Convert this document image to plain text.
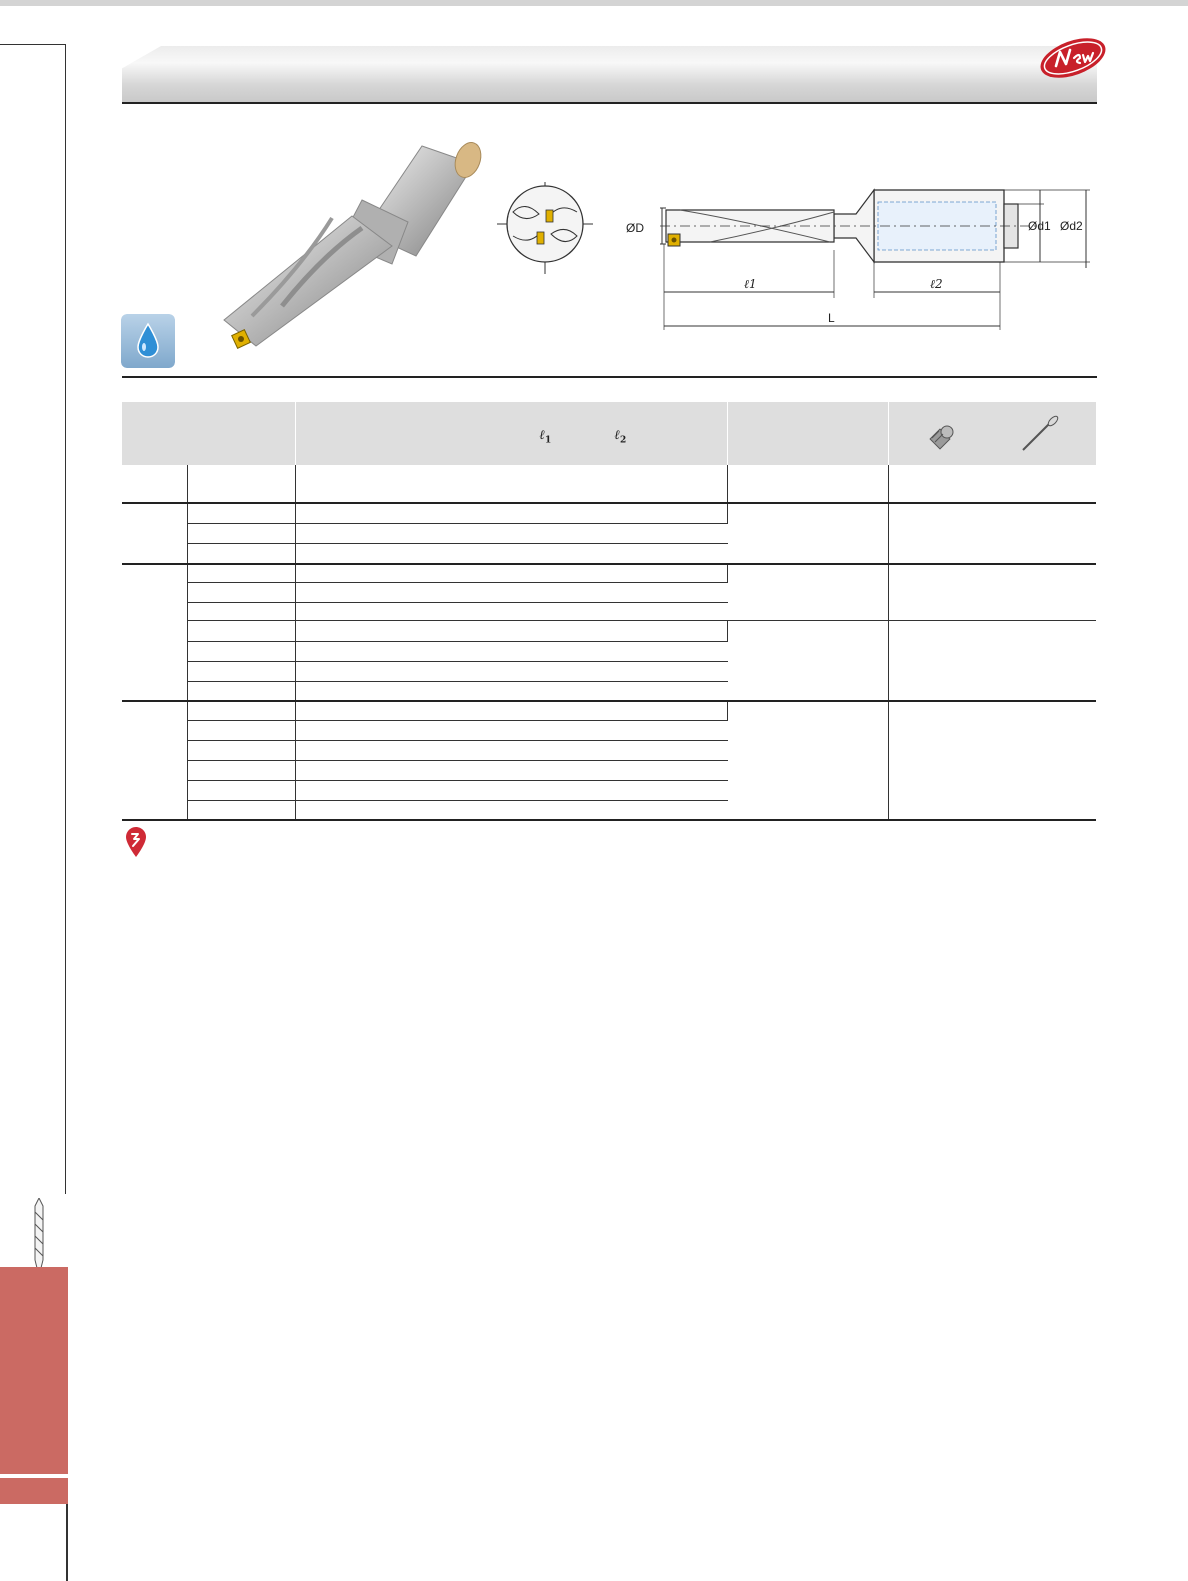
ØD	Ød1 Ød2
ℓ1	ℓ2
L

		ℓ$_1$ ℓ$_2$
